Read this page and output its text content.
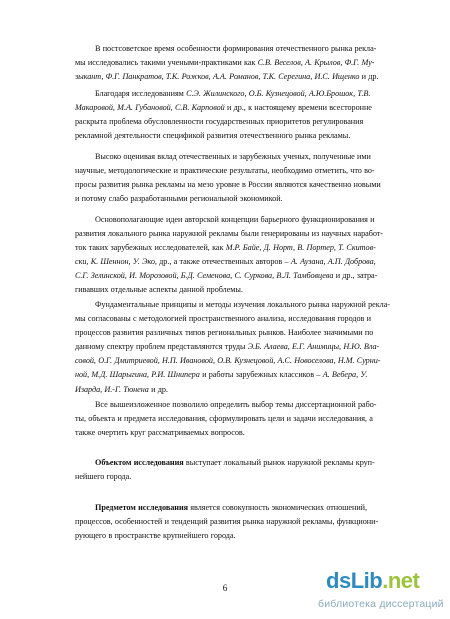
В постсоветское время особенности формирования отечественного рынка рекла-
мы исследовались такими учеными-практиками как С.В. Веселов, А. Крылов, Ф.Г. Му-
зыкант, Ф.Г. Панкратов, Т.К. Рожков, А.А. Романов, Т.К. Серегина, И.С. Ищенко и др.
Благодаря исследованиям С.Э. Жилинского, О.Б. Кузнецовой, А.Ю.Брошок, Т.В.
Макаровой, М.А. Губановой, С.В. Карповой и др., к настоящему времени всесторонне
раскрыта проблема обусловленности государственных приоритетов регулирования
рекламной деятельности спецификой развития отечественного рынка рекламы.
Высоко оценивая вклад отечественных и зарубежных ученых, полученные ими
научные, методологические и практические результаты, необходимо отметить, что во-
просы развития рынка рекламы на мезо уровне в России являются качественно новыми
и потому слабо разработанными региональной экономикой.
Основополагающие идеи авторской концепции барьерного функционирования и
развития локального рынка наружной рекламы были генерированы из научных наработ-
ток таких зарубежных исследователей, как М.Р. Байе, Д. Норт, В. Портер, Т. Скитов-
ски, К. Шеннон, У. Эко, др., а также отечественных авторов – А. Аузана, А.П. Доброва,
С.Г. Зелинской, И. Морозовой, Б.Д. Семенова, С. Суркова, В.Л. Тамбовцева и др., затра-
гивавших отдельные аспекты данной проблемы.
Фундаментальные принципы и методы изучения локального рынка наружной рекла-
мы согласованы с методологией пространственного анализа, исследования городов и
процессов развития различных типов региональных рынков. Наиболее значимыми по
данному спектру проблем представляются труды Э.Б. Алаева, Е.Г. Анимицы, Н.Ю. Вла-
совой, О.Г. Дмитриевой, Н.П. Ивановой, О.В. Кузнецовой, А.С. Новоселова, Н.М. Сурни-
ной, М.Д. Шарыгина, Р.И. Шнипера и работы зарубежных классиков – А. Вебера, У.
Изарда, И.-Г. Тюнена и др.
Все вышеизложенное позволило определить выбор темы диссертационной рабо-
ты, объекта и предмета исследования, сформулировать цели и задачи исследования, а
также очертить круг рассматриваемых вопросов.
Объектом исследования выступает локальный рынок наружной рекламы круп-
нейшего города.
Предметом исследования является совокупность экономических отношений,
процессов, особенностей и тенденций развития рынка наружной рекламы, функциони-
рующего в пространстве крупнейшего города.
6	dsLib.net
библиотека диссертаций
